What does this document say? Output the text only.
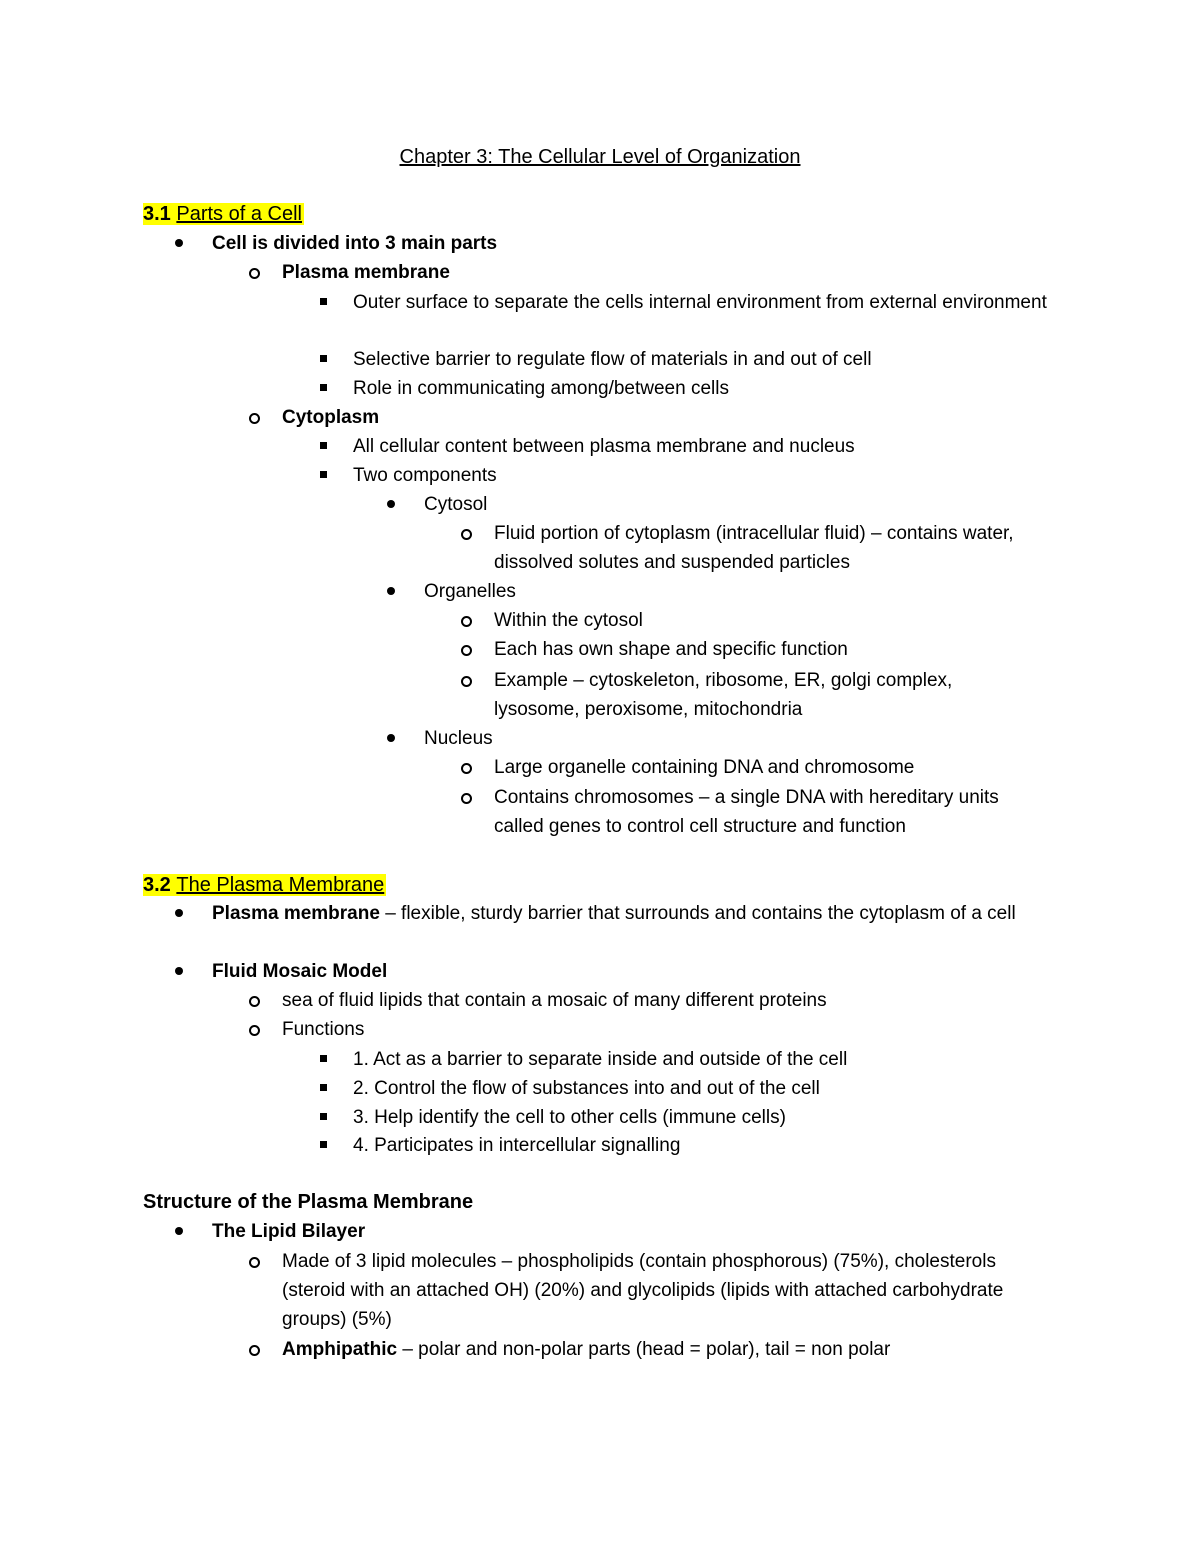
Chapter 3: The Cellular Level of Organization
3.1 Parts of a Cell
Cell is divided into 3 main parts
Plasma membrane
Outer surface to separate the cells internal environment from external environment
Selective barrier to regulate flow of materials in and out of cell
Role in communicating among/between cells
Cytoplasm
All cellular content between plasma membrane and nucleus
Two components
Cytosol
Fluid portion of cytoplasm (intracellular fluid) – contains water, dissolved solutes and suspended particles
Organelles
Within the cytosol
Each has own shape and specific function
Example – cytoskeleton, ribosome, ER, golgi complex, lysosome, peroxisome, mitochondria
Nucleus
Large organelle containing DNA and chromosome
Contains chromosomes – a single DNA with hereditary units called genes to control cell structure and function
3.2 The Plasma Membrane
Plasma membrane – flexible, sturdy barrier that surrounds and contains the cytoplasm of a cell
Fluid Mosaic Model
sea of fluid lipids that contain a mosaic of many different proteins
Functions
1. Act as a barrier to separate inside and outside of the cell
2. Control the flow of substances into and out of the cell
3. Help identify the cell to other cells (immune cells)
4. Participates in intercellular signalling
Structure of the Plasma Membrane
The Lipid Bilayer
Made of 3 lipid molecules – phospholipids (contain phosphorous) (75%), cholesterols (steroid with an attached OH) (20%) and glycolipids (lipids with attached carbohydrate groups) (5%)
Amphipathic – polar and non-polar parts (head = polar), tail = non polar
